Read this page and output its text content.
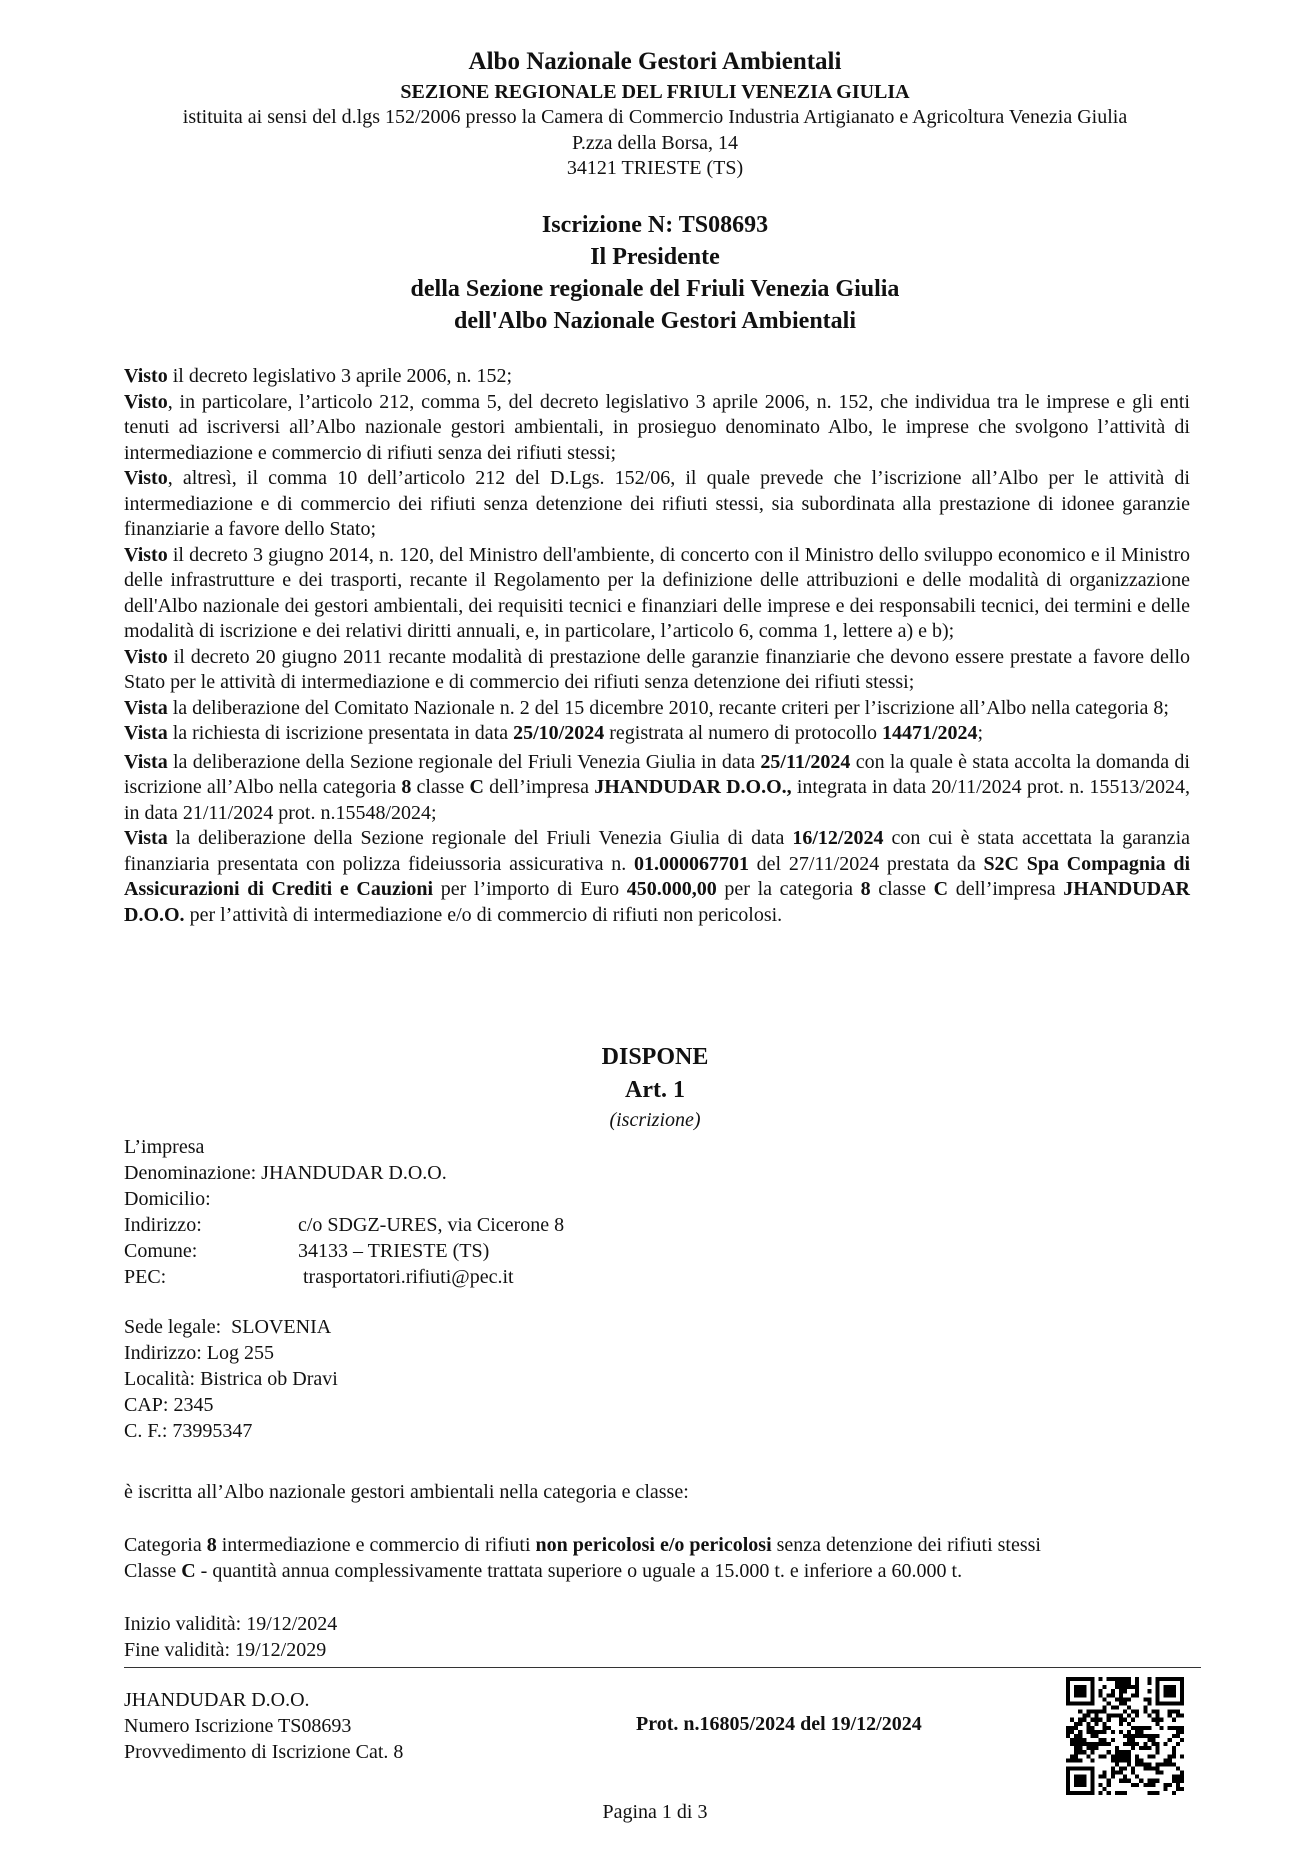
Albo Nazionale Gestori Ambientali
SEZIONE REGIONALE DEL FRIULI VENEZIA GIULIA
istituita ai sensi del d.lgs 152/2006 presso la Camera di Commercio Industria Artigianato e Agricoltura Venezia Giulia
P.zza della Borsa, 14
34121 TRIESTE (TS)
Iscrizione N: TS08693
Il Presidente
della Sezione regionale del Friuli Venezia Giulia
dell'Albo Nazionale Gestori Ambientali

Visto il decreto legislativo 3 aprile 2006, n. 152;

Visto, in particolare, l’articolo 212, comma 5, del decreto legislativo 3 aprile 2006, n. 152, che individua tra le imprese e gli enti tenuti ad iscriversi all’Albo nazionale gestori ambientali, in prosieguo denominato Albo, le imprese che svolgono l’attività di intermediazione e commercio di rifiuti senza dei rifiuti stessi;

Visto, altresì, il comma 10 dell’articolo 212 del D.Lgs. 152/06, il quale prevede che l’iscrizione all’Albo per le attività di intermediazione e di commercio dei rifiuti senza detenzione dei rifiuti stessi, sia subordinata alla prestazione di idonee garanzie finanziarie a favore dello Stato;

Visto il decreto 3 giugno 2014, n. 120, del Ministro dell'ambiente, di concerto con il Ministro dello sviluppo economico e il Ministro delle infrastrutture e dei trasporti, recante il Regolamento per la definizione delle attribuzioni e delle modalità di organizzazione dell'Albo nazionale dei gestori ambientali, dei requisiti tecnici e finanziari delle imprese e dei responsabili tecnici, dei termini e delle modalità di iscrizione e dei relativi diritti annuali, e, in particolare, l’articolo 6, comma 1, lettere a) e b);

Visto il decreto 20 giugno 2011 recante modalità di prestazione delle garanzie finanziarie che devono essere prestate a favore dello Stato per le attività di intermediazione e di commercio dei rifiuti senza detenzione dei rifiuti stessi;

Vista la deliberazione del Comitato Nazionale n. 2 del 15 dicembre 2010, recante criteri per l’iscrizione all’Albo nella categoria 8;

Vista la richiesta di iscrizione presentata in data 25/10/2024 registrata al numero di protocollo 14471/2024;

Vista la deliberazione della Sezione regionale del Friuli Venezia Giulia in data 25/11/2024 con la quale è stata accolta la domanda di iscrizione all’Albo nella categoria 8 classe C dell’impresa JHANDUDAR D.O.O., integrata in data 20/11/2024 prot. n. 15513/2024, in data 21/11/2024 prot. n.15548/2024;

Vista la deliberazione della Sezione regionale del Friuli Venezia Giulia di data 16/12/2024 con cui è stata accettata la garanzia finanziaria presentata con polizza fideiussoria assicurativa n. 01.000067701 del 27/11/2024 prestata da S2C Spa Compagnia di Assicurazioni di Crediti e Cauzioni per l’importo di Euro 450.000,00 per la categoria 8 classe C dell’impresa JHANDUDAR D.O.O. per l’attività di intermediazione e/o di commercio di rifiuti non pericolosi.

DISPONE
Art. 1
(iscrizione)
L’impresa
Denominazione: JHANDUDAR D.O.O.
Domicilio:
Indirizzo:	c/o SDGZ-URES, via Cicerone 8
Comune:	34133 – TRIESTE (TS)
PEC:	trasportatori.rifiuti@pec.it
Sede legale:  SLOVENIA
Indirizzo: Log 255
Località: Bistrica ob Dravi
CAP: 2345
C. F.: 73995347
è iscritta all’Albo nazionale gestori ambientali nella categoria e classe:
Categoria 8 intermediazione e commercio di rifiuti non pericolosi e/o pericolosi senza detenzione dei rifiuti stessi
Classe C - quantità annua complessivamente trattata superiore o uguale a 15.000 t. e inferiore a 60.000 t.
Inizio validità: 19/12/2024
Fine validità: 19/12/2029
JHANDUDAR D.O.O.
Numero Iscrizione TS08693
Provvedimento di Iscrizione Cat. 8
Prot. n.16805/2024 del 19/12/2024
Pagina 1 di 3
